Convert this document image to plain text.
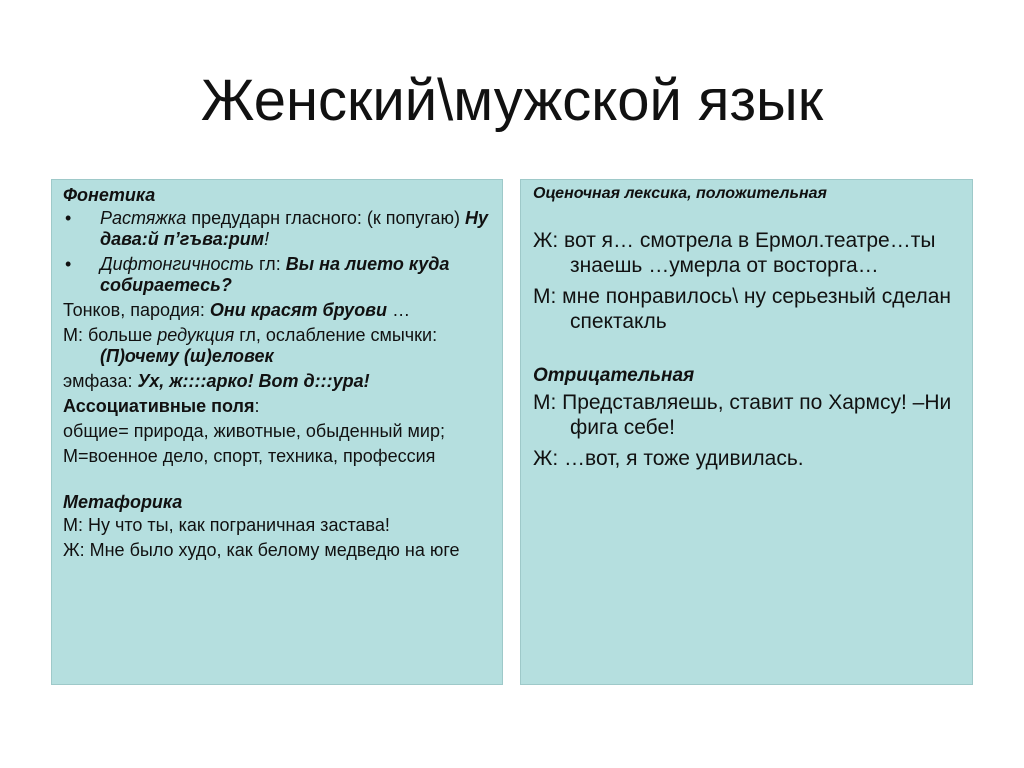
Женский\мужской язык
Фонетика
• Растяжка предударн гласного: (к попугаю) Ну дава:й п’гъва:рим!
• Дифтонгичность гл: Вы на лието куда собираетесь?
Тонков, пародия: Они красят бруови …
М: больше редукция гл, ослабление смычки: (П)очему (ш)еловек
эмфаза: Ух, ж::::арко! Вот д:::ура!
Ассоциативные поля:
общие= природа, животные, обыденный мир;
М=военное дело, спорт, техника, профессия
Метафорика
М: Ну что ты, как пограничная застава!
Ж: Мне было худо, как белому медведю на юге
Оценочная лексика, положительная
Ж: вот я… смотрела в Ермол.театре…ты знаешь …умерла от восторга…
М: мне понравилось\ ну серьезный сделан спектакль
Отрицательная
М: Представляешь, ставит по Хармсу! –Ни фига себе!
Ж: …вот, я тоже удивилась.
